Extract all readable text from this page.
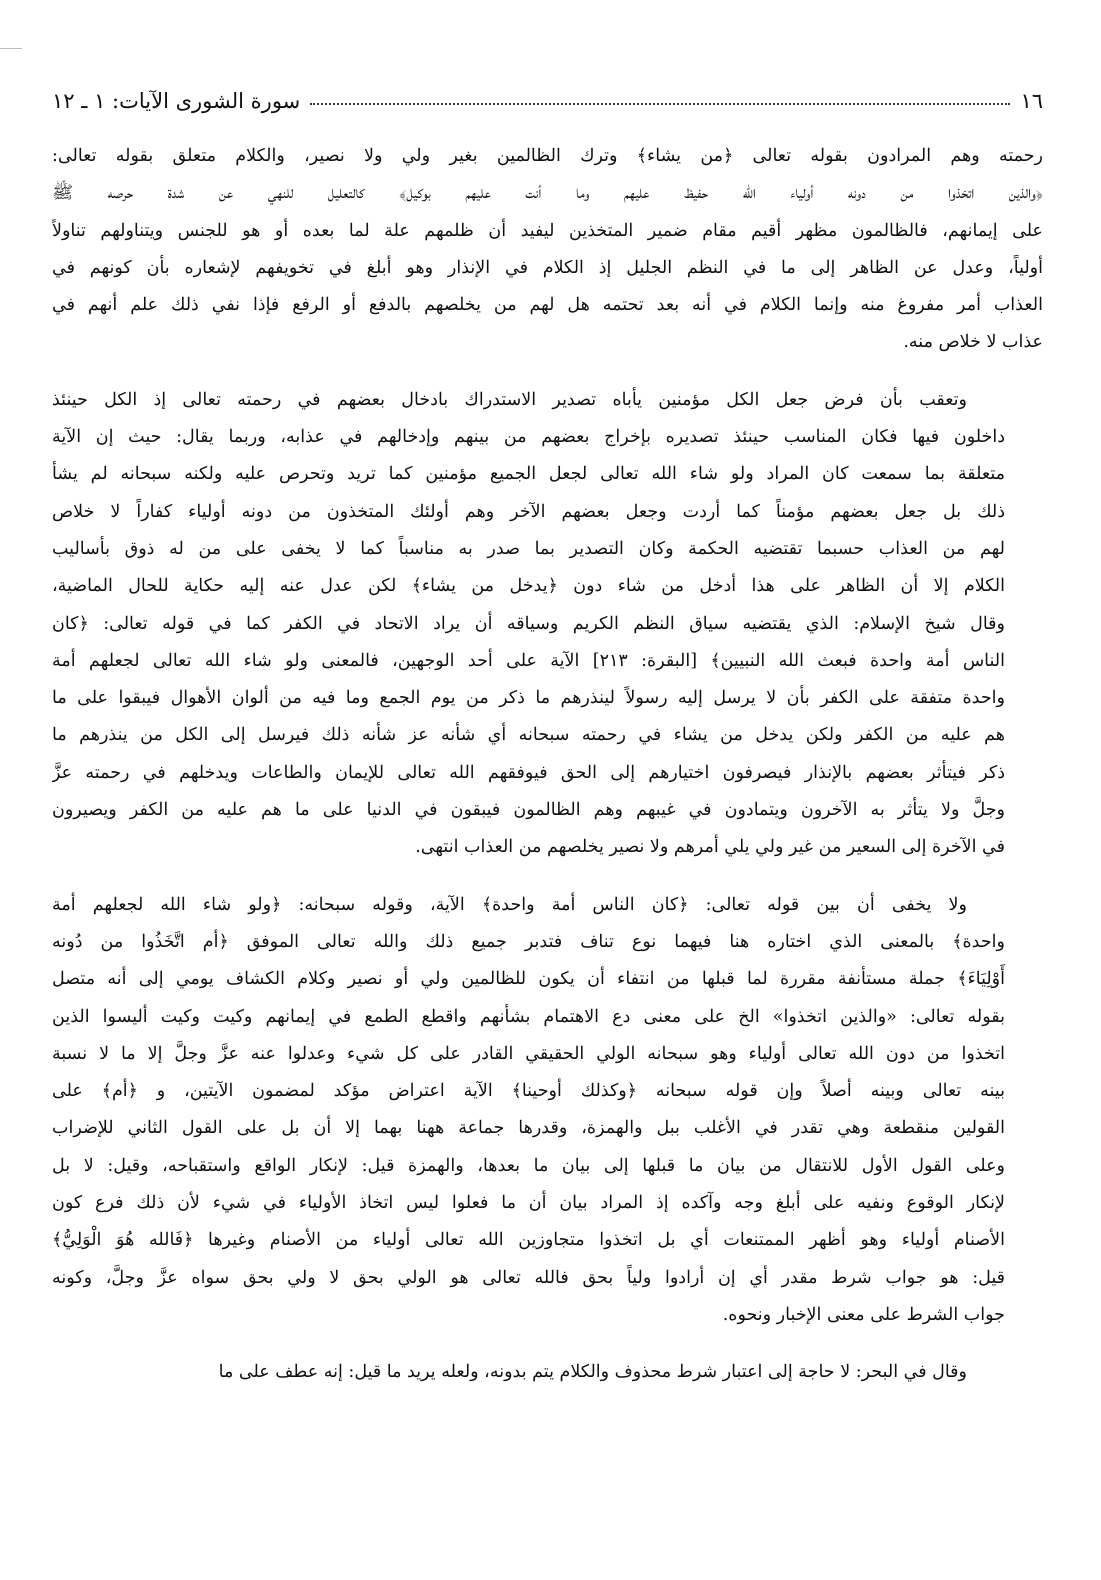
١٦
سورة الشورى الآيات: ١ ـ ١٢
رحمته وهم المرادون بقوله تعالى ﴿من يشاء﴾ وترك الظالمين بغير ولي ولا نصير، والكلام متعلق بقوله تعالى:
﴿والذين اتخذوا من دونه أولياء الله حفيظ عليهم وما أنت عليهم بوكيل﴾ كالتعليل للنهي عن شدة حرصه ﷺ
على إيمانهم، فالظالمون مظهر أقيم مقام ضمير المتخذين ليفيد أن ظلمهم علة لما بعده أو هو للجنس ويتناولهم تناولاً
أولياً، وعدل عن الظاهر إلى ما في النظم الجليل إذ الكلام في الإنذار وهو أبلغ في تخويفهم لإشعاره بأن كونهم في
العذاب أمر مفروغ منه وإنما الكلام في أنه بعد تحتمه هل لهم من يخلصهم بالدفع أو الرفع فإذا نفي ذلك علم أنهم في
عذاب لا خلاص منه.
وتعقب بأن فرض جعل الكل مؤمنين يأباه تصدير الاستدراك بادخال بعضهم في رحمته تعالى إذ الكل حينئذ
داخلون فيها فكان المناسب حينئذ تصديره بإخراج بعضهم من بينهم وإدخالهم في عذابه، وربما يقال: حيث إن الآية
متعلقة بما سمعت كان المراد ولو شاء الله تعالى لجعل الجميع مؤمنين كما تريد وتحرص عليه ولكنه سبحانه لم يشأ
ذلك بل جعل بعضهم مؤمناً كما أردت وجعل بعضهم الآخر وهم أولئك المتخذون من دونه أولياء كفاراً لا خلاص
لهم من العذاب حسبما تقتضيه الحكمة وكان التصدير بما صدر به مناسباً كما لا يخفى على من له ذوق بأساليب
الكلام إلا أن الظاهر على هذا أدخل من شاء دون ﴿يدخل من يشاء﴾ لكن عدل عنه إليه حكاية للحال الماضية،
وقال شيخ الإسلام: الذي يقتضيه سياق النظم الكريم وسياقه أن يراد الاتحاد في الكفر كما في قوله تعالى: ﴿كان
الناس أمة واحدة فبعث الله النبيين﴾ [البقرة: ٢١٣] الآية على أحد الوجهين، فالمعنى ولو شاء الله تعالى لجعلهم أمة
واحدة متفقة على الكفر بأن لا يرسل إليه رسولاً لينذرهم ما ذكر من يوم الجمع وما فيه من ألوان الأهوال فيبقوا على ما
هم عليه من الكفر ولكن يدخل من يشاء في رحمته سبحانه أي شأنه عز شأنه ذلك فيرسل إلى الكل من ينذرهم ما
ذكر فيتأثر بعضهم بالإنذار فيصرفون اختيارهم إلى الحق فيوفقهم الله تعالى للإيمان والطاعات ويدخلهم في رحمته عزَّ
وجلَّ ولا يتأثر به الآخرون ويتمادون في غيبهم وهم الظالمون فيبقون في الدنيا على ما هم عليه من الكفر ويصيرون
في الآخرة إلى السعير من غير ولي يلي أمرهم ولا نصير يخلصهم من العذاب انتهى.
ولا يخفى أن بين قوله تعالى: ﴿كان الناس أمة واحدة﴾ الآية، وقوله سبحانه: ﴿ولو شاء الله لجعلهم أمة
واحدة﴾ بالمعنى الذي اختاره هنا فيهما نوع تناف فتدبر جميع ذلك والله تعالى الموفق ﴿أم اتَّخَذُوا من دُونه
أَوْلِيَاءَ﴾ جملة مستأنفة مقررة لما قبلها من انتفاء أن يكون للظالمين ولي أو نصير وكلام الكشاف يومي إلى أنه متصل
بقوله تعالى: «والذين اتخذوا» الخ على معنى دع الاهتمام بشأنهم واقطع الطمع في إيمانهم وكيت وكيت أليسوا الذين
اتخذوا من دون الله تعالى أولياء وهو سبحانه الولي الحقيقي القادر على كل شيء وعدلوا عنه عزَّ وجلَّ إلا ما لا نسبة
بينه تعالى وبينه أصلاً وإن قوله سبحانه ﴿وكذلك أوحينا﴾ الآية اعتراض مؤكد لمضمون الآيتين، و ﴿أم﴾ على
القولين منقطعة وهي تقدر في الأغلب ببل والهمزة، وقدرها جماعة ههنا بهما إلا أن بل على القول الثاني للإضراب
وعلى القول الأول للانتقال من بيان ما قبلها إلى بيان ما بعدها، والهمزة قيل: لإنكار الواقع واستقباحه، وقيل: لا بل
لإنكار الوقوع ونفيه على أبلغ وجه وآكده إذ المراد بيان أن ما فعلوا ليس اتخاذ الأولياء في شيء لأن ذلك فرع كون
الأصنام أولياء وهو أظهر الممتنعات أي بل اتخذوا متجاوزين الله تعالى أولياء من الأصنام وغيرها ﴿فَالله هُوَ الْوَلِيُّ﴾
قيل: هو جواب شرط مقدر أي إن أرادوا ولياً بحق فالله تعالى هو الولي بحق لا ولي بحق سواه عزَّ وجلَّ، وكونه
جواب الشرط على معنى الإخبار ونحوه.
وقال في البحر: لا حاجة إلى اعتبار شرط محذوف والكلام يتم بدونه، ولعله يريد ما قيل: إنه عطف على ما
